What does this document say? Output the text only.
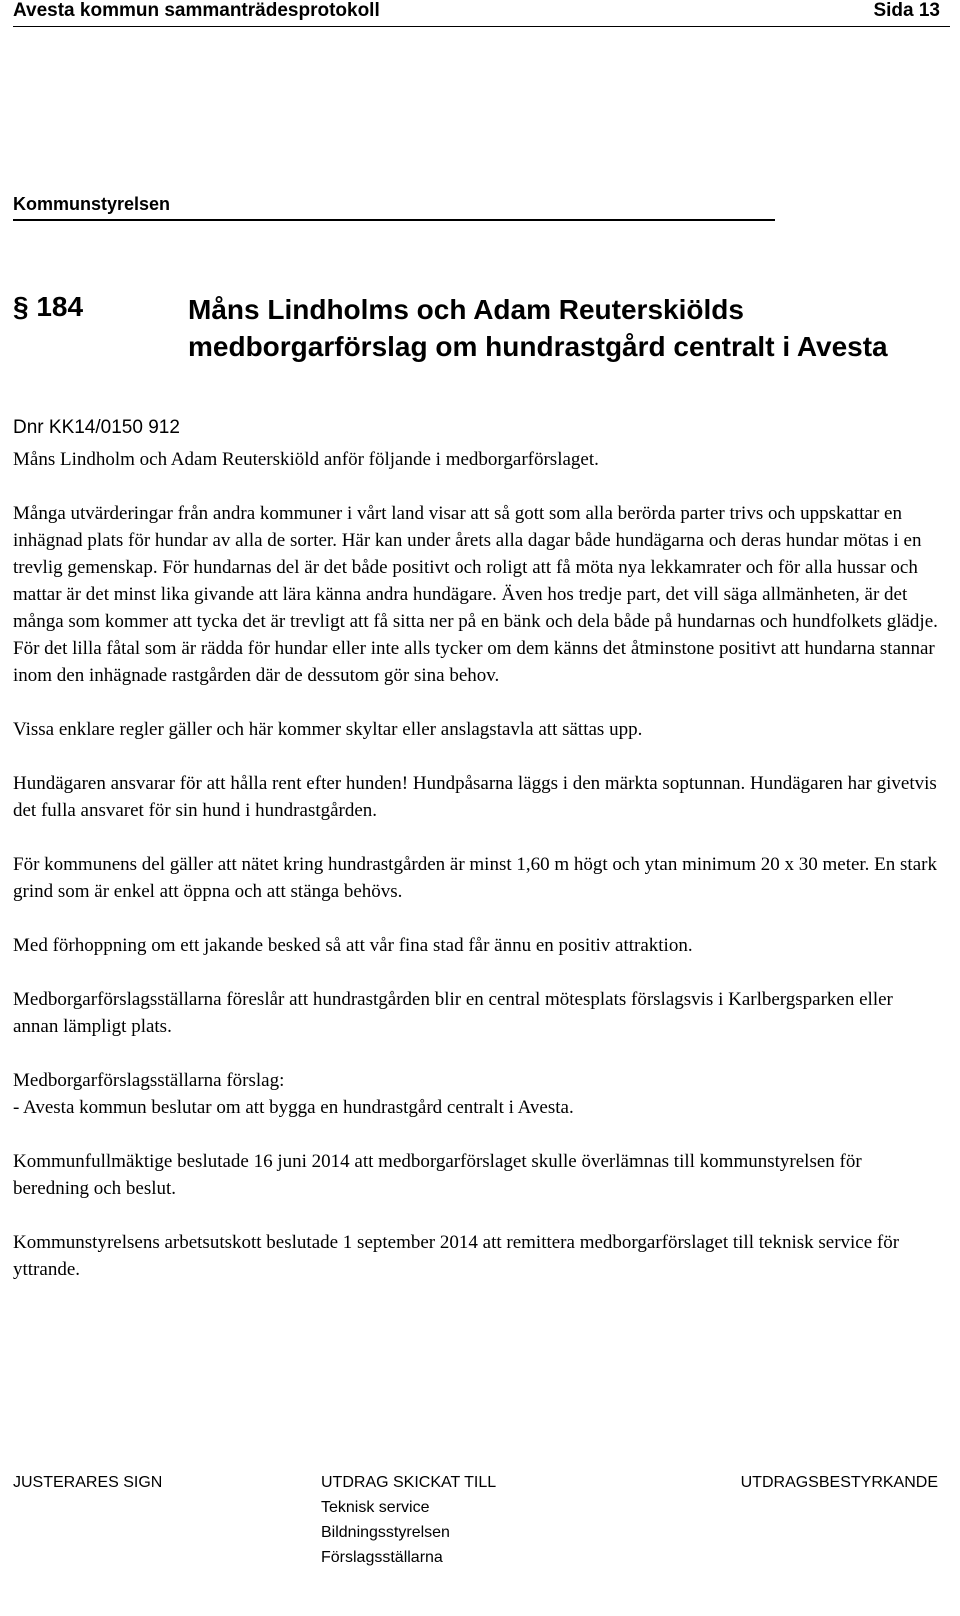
Avesta kommun sammanträdesprotokoll	Sida 13
Kommunstyrelsen
§ 184	Måns Lindholms och Adam Reuterskiölds medborgarförslag om hundrastgård centralt i Avesta
Dnr KK14/0150 912

Måns Lindholm och Adam Reuterskiöld anför följande i medborgarförslaget.

Många utvärderingar från andra kommuner i vårt land visar att så gott som alla berörda parter trivs och uppskattar en inhägnad plats för hundar av alla de sorter. Här kan under årets alla dagar både hundägarna och deras hundar mötas i en trevlig gemenskap. För hundarnas del är det både positivt och roligt att få möta nya lekkamrater och för alla hussar och mattar är det minst lika givande att lära känna andra hundägare. Även hos tredje part, det vill säga allmänheten, är det många som kommer att tycka det är trevligt att få sitta ner på en bänk och dela både på hundarnas och hundfolkets glädje. För det lilla fåtal som är rädda för hundar eller inte alls tycker om dem känns det åtminstone positivt att hundarna stannar inom den inhägnade rastgården där de dessutom gör sina behov.

Vissa enklare regler gäller och här kommer skyltar eller anslagstavla att sättas upp.

Hundägaren ansvarar för att hålla rent efter hunden! Hundpåsarna läggs i den märkta soptunnan. Hundägaren har givetvis det fulla ansvaret för sin hund i hundrastgården.

För kommunens del gäller att nätet kring hundrastgården är minst 1,60 m högt och ytan minimum 20 x 30 meter. En stark grind som är enkel att öppna och att stänga behövs.

Med förhoppning om ett jakande besked så att vår fina stad får ännu en positiv attraktion.

Medborgarförslagsställarna föreslår att hundrastgården blir en central mötesplats förslagsvis i Karlbergsparken eller annan lämpligt plats.

Medborgarförslagsställarna förslag:

- Avesta kommun beslutar om att bygga en hundrastgård centralt i Avesta.

Kommunfullmäktige beslutade 16 juni 2014 att medborgarförslaget skulle överlämnas till kommunstyrelsen för beredning och beslut.

Kommunstyrelsens arbetsutskott beslutade 1 september 2014 att remittera medborgarförslaget till teknisk service för yttrande.

JUSTERARES SIGN	UTDRAG SKICKAT TILL
Teknisk service
Bildningsstyrelsen
Förslagsställarna
UTDRAGSBESTYRKANDE
